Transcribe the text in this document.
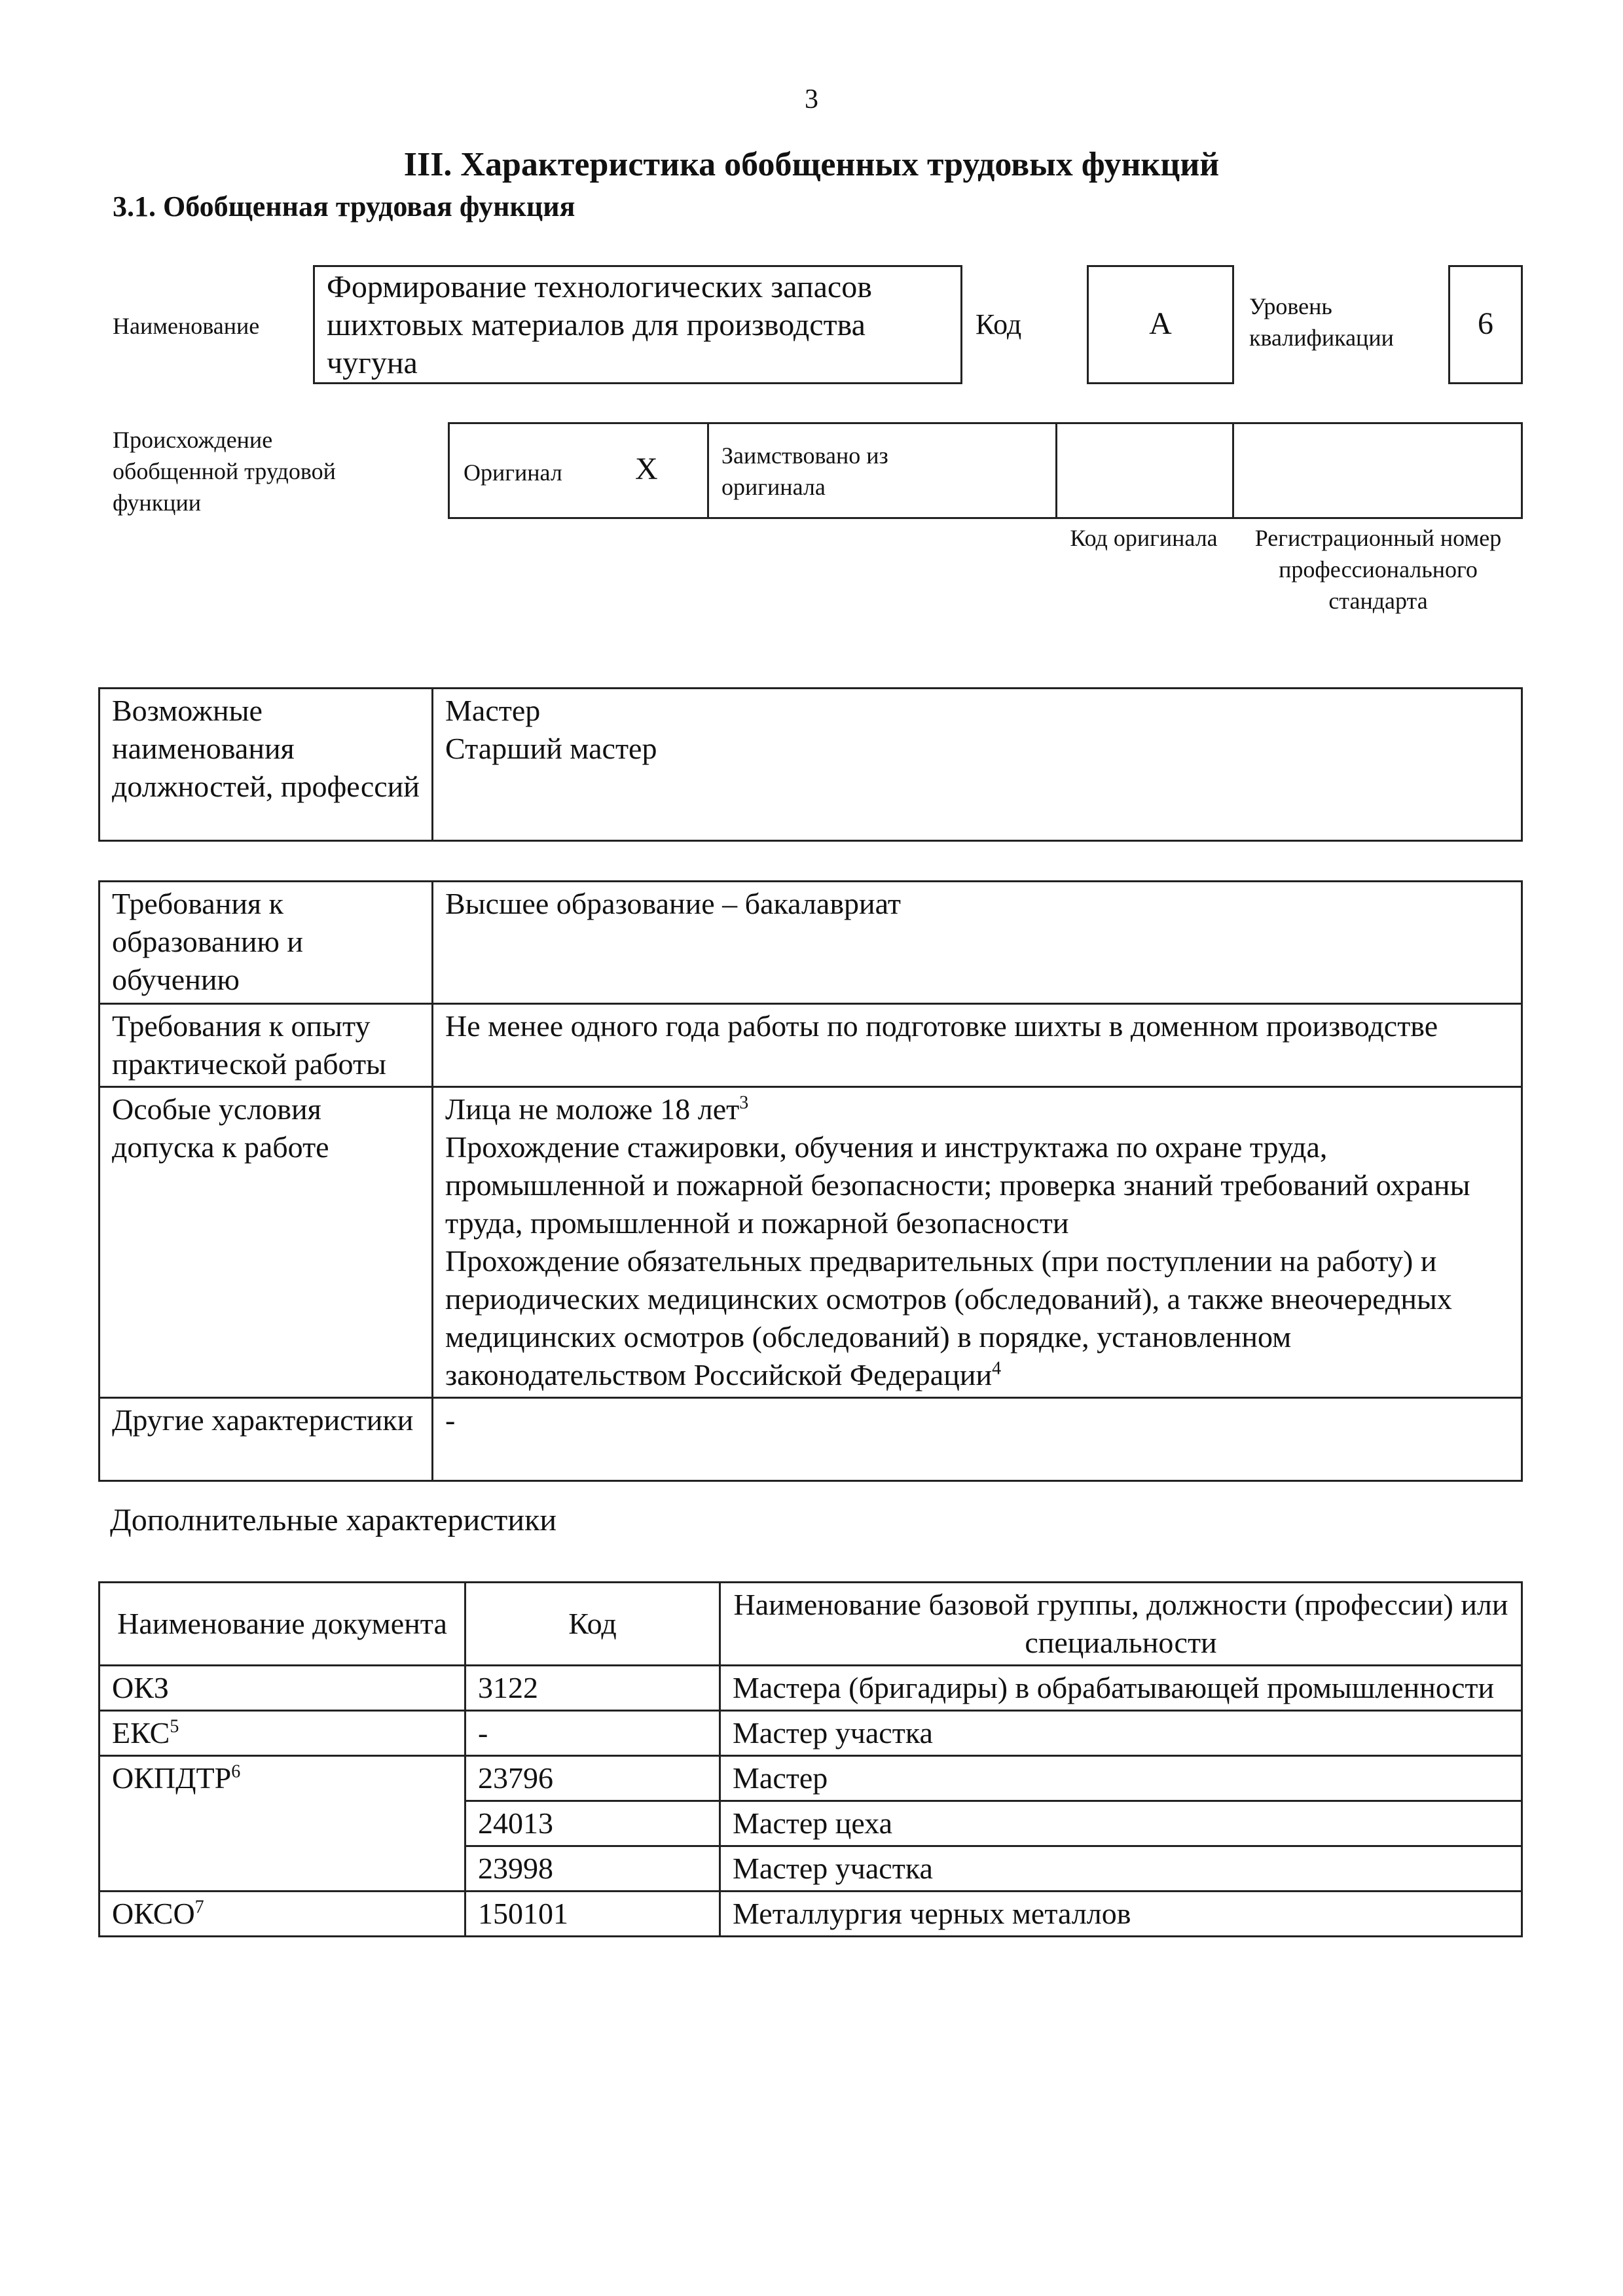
3
III. Характеристика обобщенных трудовых функций
3.1. Обобщенная трудовая функция
Наименование
Формирование технологических запасов шихтовых материалов для производства чугуна
Код	А	Уровень квалификации	6
Происхождение обобщенной трудовой функции
Оригинал Х	Заимствовано из оригинала
Код оригинала	Регистрационный номер профессионального стандарта
Возможные наименования должностей, профессий	
Мастер
Старший мастер
Требования к образованию и обучению	Высшее образование – бакалавриат
Требования к опыту практической работы	Не менее одного года работы по подготовке шихты в доменном производстве
Особые условия допуска к работе	Лица не моложе 18 лет$^3$
Прохождение стажировки, обучения и инструктажа по охране труда, промышленной и пожарной безопасности; проверка знаний требований охраны труда, промышленной и пожарной безопасности
Прохождение обязательных предварительных (при поступлении на работу) и периодических медицинских осмотров (обследований), а также внеочередных медицинских осмотров (обследований) в порядке, установленном законодательством Российской Федерации$^4$

Другие характеристики	-
Дополнительные характеристики
Наименование документа	Код	Наименование базовой группы, должности (профессии) или специальности
ОКЗ	3122	Мастера (бригадиры) в обрабатывающей промышленности
ЕКС$^5$	-	Мастер участка
ОКПДТР$^6$	23796	Мастер
	24013	Мастер цеха
	23998	Мастер участка
ОКСО$^7$	150101	Металлургия черных металлов
